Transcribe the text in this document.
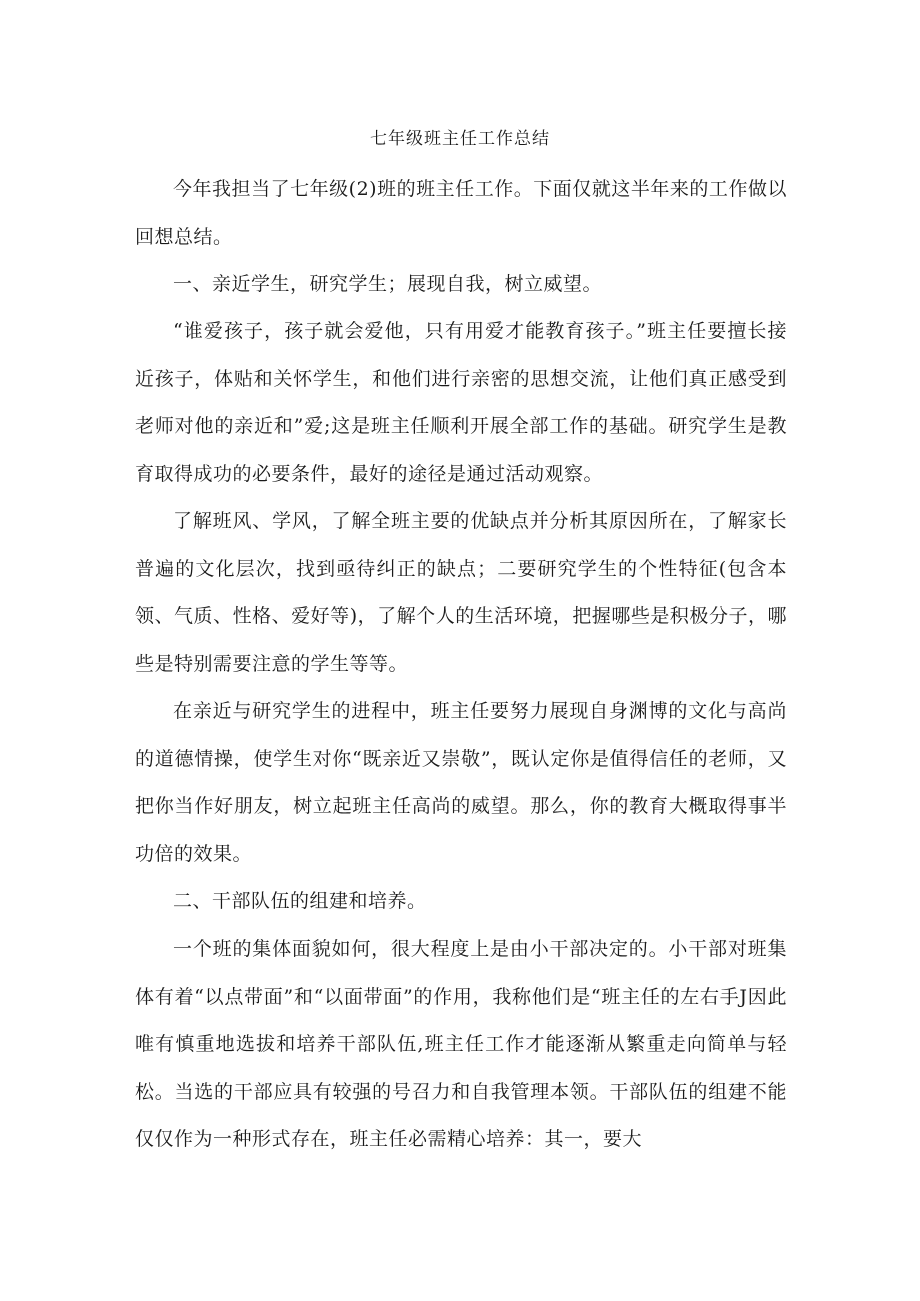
七年级班主任工作总结

今年我担当了七年级(2)班的班主任工作。下面仅就这半年来的工作做以回想总结。

一、亲近学生，研究学生；展现自我，树立威望。

“谁爱孩子，孩子就会爱他，只有用爱才能教育孩子。”班主任要擅长接近孩子，体贴和关怀学生，和他们进行亲密的思想交流，让他们真正感受到老师对他的亲近和”爱;这是班主任顺利开展全部工作的基础。研究学生是教育取得成功的必要条件，最好的途径是通过活动观察。

了解班风、学风，了解全班主要的优缺点并分析其原因所在，了解家长普遍的文化层次，找到亟待纠正的缺点；二要研究学生的个性特征(包含本领、气质、性格、爱好等)，了解个人的生活环境，把握哪些是积极分子，哪些是特别需要注意的学生等等。

在亲近与研究学生的进程中，班主任要努力展现自身渊博的文化与高尚的道德情操，使学生对你“既亲近又崇敬”，既认定你是值得信任的老师，又把你当作好朋友，树立起班主任高尚的威望。那么，你的教育大概取得事半功倍的效果。

二、干部队伍的组建和培养。

一个班的集体面貌如何，很大程度上是由小干部决定的。小干部对班集体有着“以点带面”和“以面带面”的作用，我称他们是“班主任的左右手J因此唯有慎重地选拔和培养干部队伍,班主任工作才能逐渐从繁重走向简单与轻松。当选的干部应具有较强的号召力和自我管理本领。干部队伍的组建不能仅仅作为一种形式存在，班主任必需精心培养：其一，要大
